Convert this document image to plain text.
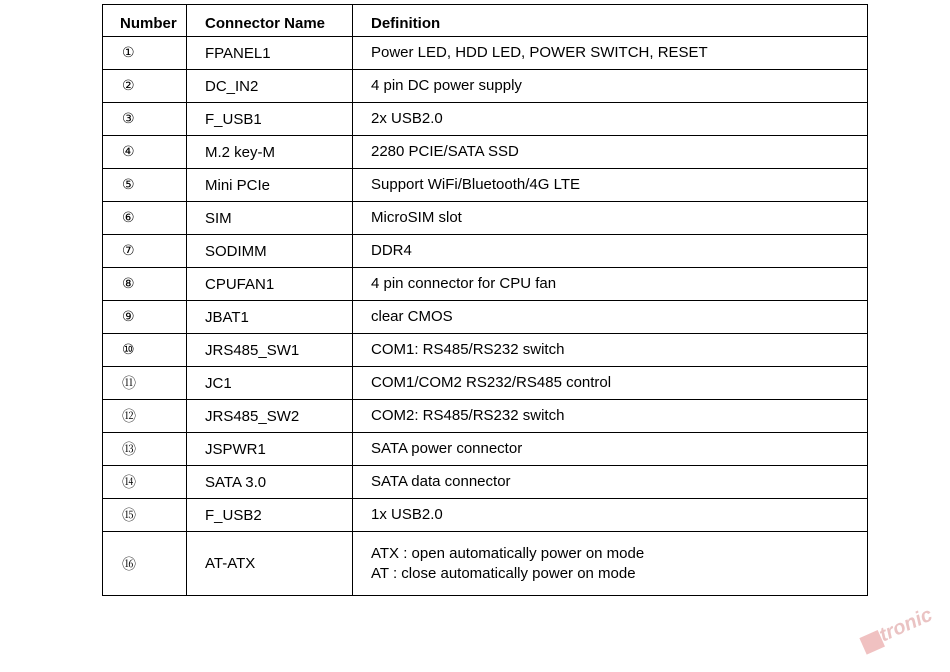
Number	Connector Name	Definition
①	FPANEL1	Power LED, HDD LED, POWER SWITCH, RESET

②	DC_IN2	4 pin DC power supply

③	F_USB1	2x USB2.0

④	M.2 key-M	2280 PCIE/SATA SSD

⑤	Mini PCIe	Support WiFi/Bluetooth/4G LTE

⑥	SIM	MicroSIM slot

⑦	SODIMM	DDR4

⑧	CPUFAN1	4 pin connector for CPU fan

⑨	JBAT1	clear CMOS

⑩	JRS485_SW1	COM1: RS485/RS232 switch

⑪	JC1	COM1/COM2 RS232/RS485 control

⑫	JRS485_SW2	COM2: RS485/RS232 switch

⑬	JSPWR1	SATA power connector

⑭	SATA 3.0	SATA data connector

⑮	F_USB2	1x USB2.0

⑯	AT-ATX	ATX : open automatically power on mode
AT : close automatically power on mode
tronic
